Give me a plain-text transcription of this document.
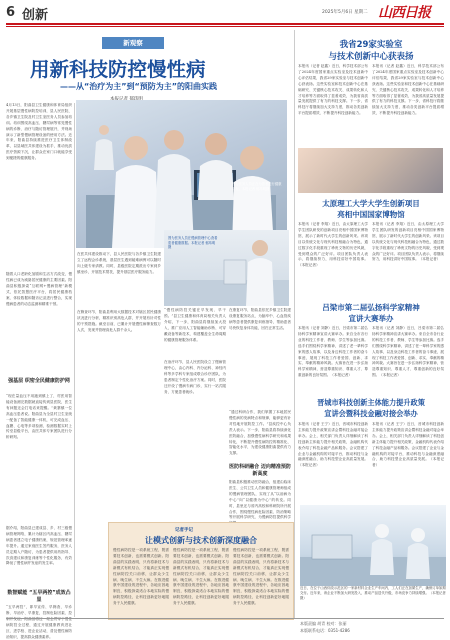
6 创新	2025年5月6日 星期二 山西日报
新观察
用新科技防控慢性病
——从“治疗为主”到“预防为主”的阳曲实践
4月13日，阳曲县卫生健康和体育局组织开展基层慢性病防控培训，县人民医院、各乡镇卫生院及村卫生室医务人员参加培训。培训围绕高血压、糖尿病等常见慢性病的诊断、治疗与随访管理展开，并现场演示了新型慢病管理设备的使用方法。近年来，阳曲县持续推进医疗卫生体制改革，以县域医共体建设为抓手，推动优质医疗资源下沉，让群众在家门口就能享受到便捷的健康服务。
随着人口老龄化加剧和生活方式改变，慢性病已成为威胁居民健康的主要因素。阳曲县积极探索“互联网+慢病管理”新模式，依托智慧医疗平台，将居民健康档案、体检数据和随访记录进行整合，实现慢病患者的动态监测和精准干预。
强基层 织密全民健康防护网
“现在量血压不用跑到镇上了，村医用智能设备测完数据就直接传到县医院，医生有问题还会打电话来提醒。”黄寨镇一位高血压患者说。阳曲县为全县村卫生室统一配备了智能健康一体机，可完成血压、血糖、心电等多项检测，检测数据实时上传至县级平台，由医共体专家团队进行分析研判。
据介绍，阳曲县已建成县、乡、村三级慢病管理网络，累计为辖区内高血压、糖尿病患者建立电子健康档案，规范管理率逐年提升。通过家庭医生签约服务，医务人员定期入户随访，为患者提供用药指导、饮食建议和康复训练等个性化服务，有效降低了慢性病并发症的发生率。
数智赋能 “五早两控”成效凸显
“五早两控”，即早宣传、早筛查、早诊断、早治疗、早康复，控制危险因素、控制并发症。阳曲县将这一理念贯穿于慢性病防控全过程，通过开展健康教育进社区、进学校、进企业活动，普及慢性病防治知识，提高群众健康素养。
在医共体建设推动下，县人民医院与各乡镇卫生院建立了远程会诊系统，基层医生遇到疑难病例可以随时向上级专家请教。同时，县级医院定期派出专家到乡镇坐诊，开展技术帮扶，提升基层医疗服务能力。
在筛查环节，阳曲县利用大数据技术对辖区居民健康状况进行分析，精准识别高危人群，并开展有针对性的干预措施。截至目前，已累计开展慢性病筛查数万人次，发现并管理高危人群千余人。
“慢性病防控关键在早发现、早干预。”县卫生健康和体育局相关负责人介绍，下一步，阳曲县将继续加大投入，推广应用人工智能辅助诊断、可穿戴设备等新技术，构建覆盖全生命周期的健康管理服务体系。
在治疗环节，县人民医院设立了慢病管理中心，由心内科、内分泌科、神经内科等多学科专家组成联合诊疗团队，为患者制定个性化治疗方案。同时，医院还开设了慢病专病门诊，实行一站式服务，方便患者就诊。
在康复环节，阳曲县依托乡镇卫生院建设康复服务站点，为脑卒中、心血管疾病等患者提供康复训练指导，帮助患者尽快恢复身体功能，回归正常生活。
医防科研融合 迈向精准预防新高度
阳曲县积极推动医防融合，组建由临床医生、公共卫生人员和健康管理师组成的慢病管理团队，实现了从“以治病为中心”向“以健康为中心”的转变。同时，县里还与省内高校和科研院所开展合作，围绕慢性病危险因素、防治策略等开展科学研究，为慢病防控提供科学
“通过科研合作，我们掌握了本地居民慢性病的发病特点和规律，能够更有针对性地开展防控工作。”县疾控中心负责人表示。下一步，阳曲县将持续深化医防融合，加强慢性病科学研究和成果转化，不断提升慢性病防控的精准化、智能化水平，为建设健康阳曲提供有力支撑。
图为医务人员正在为患者进行健康检查。本报记者 郁玮明摄
图为医务人员在慢病管理中心查看患者健康数据。本报记者 郁玮明摄
我省29家实验室
与技术创新中心获表扬
本报讯（记者 赵鑫）近日，科学技术部公布了2024年度国家重点实验室及技术创新中心评估结果，我省29家实验室与技术创新中心获表扬。这些实验室和技术创新中心在基础研究、关键核心技术攻关、成果转化和人才培养等方面取得了显著成效，为我省高质量发展提供了有力的科技支撑。下一步，省科技厅将继续加大支持力度，推动各类创新平台提质增效，不断提升科技创新能力。
本报讯（记者 赵鑫）近日，科学技术部公布了2024年度国家重点实验室及技术创新中心评估结果，我省29家实验室与技术创新中心获表扬。这些实验室和技术创新中心在基础研究、关键核心技术攻关、成果转化和人才培养等方面取得了显著成效，为我省高质量发展提供了有力的科技支撑。下一步，省科技厅将继续加大支持力度，推动各类创新平台提质增效，不断提升科技创新能力。
太原理工大学大学生创新项目
亮相中国国家博物馆
本报讯（记者 李翔）近日，由太原理工大学学生团队研发的创新项目亮相中国国家博物馆，展示了新时代大学生的创新风采。该项目以传统文化与现代科技相融合为特色，通过数字化手段重现了珍贵文物的历史风貌，受到观众的广泛好评。项目团队负责人表示，将继续努力，用科技讲好中国故事。（本报记者）
本报讯（记者 李翔）近日，由太原理工大学学生团队研发的创新项目亮相中国国家博物馆，展示了新时代大学生的创新风采。该项目以传统文化与现代科技相融合为特色，通过数字化手段重现了珍贵文物的历史风貌，受到观众的广泛好评。项目团队负责人表示，将继续努力，用科技讲好中国故事。（本报记者）
吕梁市第二届弘扬科学家精神
宣讲大赛举办
本报讯（记者 刘静）近日，吕梁市第二届弘扬科学家精神宣讲大赛举办。来自全市各行业的科技工作者、教师、学生等参加比赛。选手们围绕科学家精神，讲述了老一辈科学家的感人故事，以及身边科技工作者的奋斗事迹，展现了科技工作者爱国、创新、求实、奉献的精神风貌。大赛旨在进一步弘扬科学家精神，营造尊重知识、尊重人才、尊重创新的良好氛围。（本报记者）
本报讯（记者 刘静）近日，吕梁市第二届弘扬科学家精神宣讲大赛举办。来自全市各行业的科技工作者、教师、学生等参加比赛。选手们围绕科学家精神，讲述了老一辈科学家的感人故事，以及身边科技工作者的奋斗事迹，展现了科技工作者爱国、创新、求实、奉献的精神风貌。大赛旨在进一步弘扬科学家精神，营造尊重知识、尊重人才、尊重创新的良好氛围。（本报记者）
晋城市科技创新主体能力提升政策
宣讲会暨科技金融对接会举办
本报讯（记者 王宁）近日，晋城市科技创新主体能力提升政策宣讲会暨科技金融对接会举办。会上，相关部门负责人详细解读了科技创新主体能力提升相关政策，金融机构代表介绍了科技金融产品和服务。会议搭建了企业与金融机构的对接平台，推动科技与金融深度融合，助力科技型企业高质量发展。（本报记者）
本报讯（记者 王宁）近日，晋城市科技创新主体能力提升政策宣讲会暨科技金融对接会举办。会上，相关部门负责人详细解读了科技创新主体能力提升相关政策，金融机构代表介绍了科技金融产品和服务。会议搭建了企业与金融机构的对接平台，推动科技与金融深度融合，助力科技型企业高质量发展。（本报记者）
近日，在位于山西综改示范区的一家新材料企业生产车间内，工人们正在加紧生产，确保订单如期交付。近年来，该企业不断加大研发投入，推动产品迭代升级，市场竞争力持续增强。（本报记者 摄）
记者手记
让模式创新与技术创新深度融合
慢性病防控是一项系统工程，既需要技术创新，也需要模式创新。阳曲县的实践表明，只有将新技术与新模式有机结合，才能真正实现慢性病防控关口前移，让群众少生病、晚生病、不生大病。在推进健康中国建设的进程中，各地应因地制宜，积极探索适合本地实际的慢病防控路径，让科技创新更好地服务于人民健康。
慢性病防控是一项系统工程，既需要技术创新，也需要模式创新。阳曲县的实践表明，只有将新技术与新模式有机结合，才能真正实现慢性病防控关口前移，让群众少生病、晚生病、不生大病。在推进健康中国建设的进程中，各地应因地制宜，积极探索适合本地实际的慢病防控路径，让科技创新更好地服务于人民健康。
慢性病防控是一项系统工程，既需要技术创新，也需要模式创新。阳曲县的实践表明，只有将新技术与新模式有机结合，才能真正实现慢性病防控关口前移，让群众少生病、晚生病、不生大病。在推进健康中国建设的进程中，各地应因地制宜，积极探索适合本地实际的慢病防控路径，让科技创新更好地服务于人民健康。
本版责编 胡青 校对：张丽
本版联系电话：0351-4286
